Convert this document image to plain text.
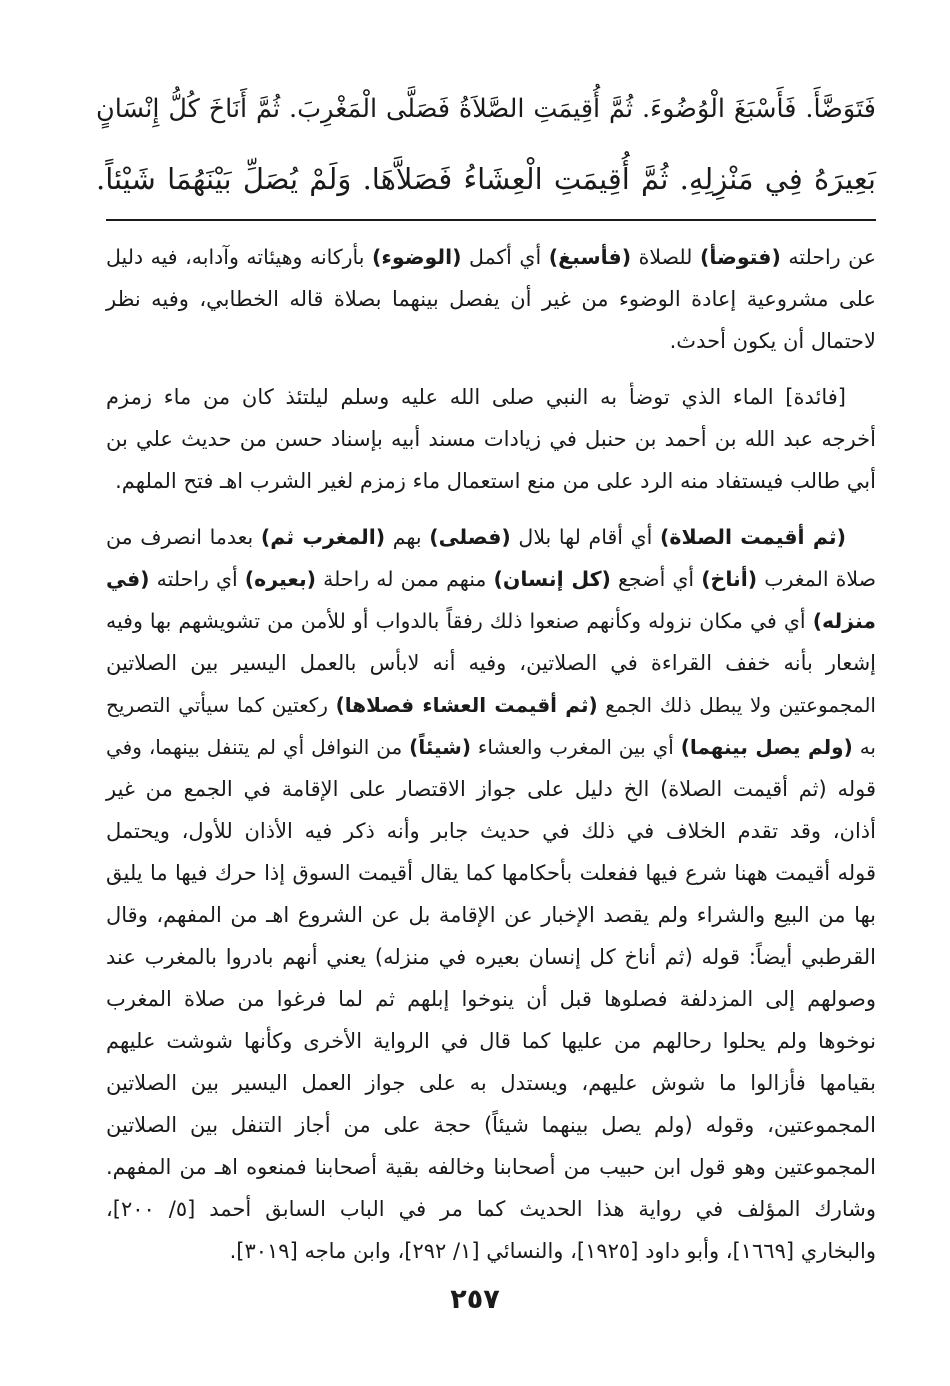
فَتَوَضَّأَ. فَأَسْبَغَ الْوُضُوءَ. ثُمَّ أُقِيمَتِ الصَّلاَةُ فَصَلَّى الْمَغْرِبَ. ثُمَّ أَنَاخَ كُلُّ إِنْسَانٍ
بَعِيرَهُ فِي مَنْزِلِهِ. ثُمَّ أُقِيمَتِ الْعِشَاءُ فَصَلاَّهَا. وَلَمْ يُصَلِّ بَيْنَهُمَا شَيْئاً.
عن راحلته (فتوضأ) للصلاة (فأسبغ) أي أكمل (الوضوء) بأركانه وهيئاته وآدابه، فيه دليل
على مشروعية إعادة الوضوء من غير أن يفصل بينهما بصلاة قاله الخطابي، وفيه نظر
لاحتمال أن يكون أحدث.
[فائدة] الماء الذي توضأ به النبي صلى الله عليه وسلم ليلتئذ كان من ماء زمزم
أخرجه عبد الله بن أحمد بن حنبل في زيادات مسند أبيه بإسناد حسن من حديث علي بن
أبي طالب فيستفاد منه الرد على من منع استعمال ماء زمزم لغير الشرب اهـ فتح الملهم.
(ثم أقيمت الصلاة) أي أقام لها بلال (فصلى) بهم (المغرب ثم) بعدما انصرف من
صلاة المغرب (أناخ) أي أضجع (كل إنسان) منهم ممن له راحلة (بعيره) أي راحلته (في
منزله) أي في مكان نزوله وكأنهم صنعوا ذلك رفقاً بالدواب أو للأمن من تشويشهم بها وفيه
إشعار بأنه خفف القراءة في الصلاتين، وفيه أنه لابأس بالعمل اليسير بين الصلاتين
المجموعتين ولا يبطل ذلك الجمع (ثم أقيمت العشاء فصلاها) ركعتين كما سيأتي التصريح
به (ولم يصل بينهما) أي بين المغرب والعشاء (شيئاً) من النوافل أي لم يتنفل بينهما، وفي
قوله (ثم أقيمت الصلاة) الخ دليل على جواز الاقتصار على الإقامة في الجمع من غير
أذان، وقد تقدم الخلاف في ذلك في حديث جابر وأنه ذكر فيه الأذان للأول، ويحتمل
قوله أقيمت ههنا شرع فيها ففعلت بأحكامها كما يقال أقيمت السوق إذا حرك فيها ما يليق
بها من البيع والشراء ولم يقصد الإخبار عن الإقامة بل عن الشروع اهـ من المفهم، وقال
القرطبي أيضاً: قوله (ثم أناخ كل إنسان بعيره في منزله) يعني أنهم بادروا بالمغرب عند
وصولهم إلى المزدلفة فصلوها قبل أن ينوخوا إبلهم ثم لما فرغوا من صلاة المغرب
نوخوها ولم يحلوا رحالهم من عليها كما قال في الرواية الأخرى وكأنها شوشت عليهم
بقيامها فأزالوا ما شوش عليهم، ويستدل به على جواز العمل اليسير بين الصلاتين
المجموعتين، وقوله (ولم يصل بينهما شيئاً) حجة على من أجاز التنفل بين الصلاتين
المجموعتين وهو قول ابن حبيب من أصحابنا وخالفه بقية أصحابنا فمنعوه اهـ من المفهم.
وشارك المؤلف في رواية هذا الحديث كما مر في الباب السابق أحمد [٥/ ٢٠٠]،
والبخاري [١٦٦٩]، وأبو داود [١٩٢٥]، والنسائي [١/ ٢٩٢]، وابن ماجه [٣٠١٩].
٢٥٧
